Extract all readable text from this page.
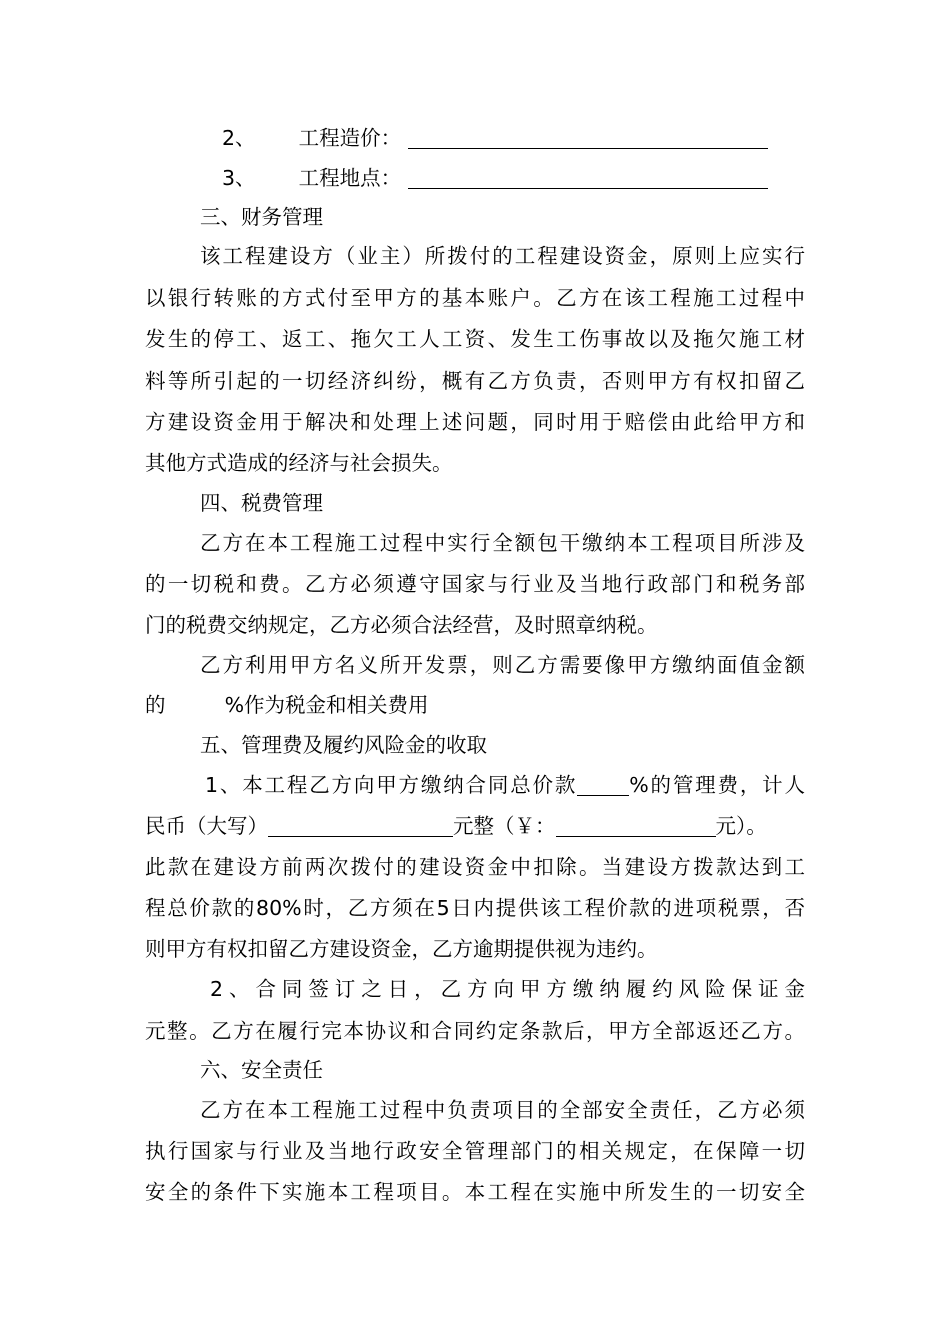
2、 工程造价：
3、 工程地点：
三、财务管理
该工程建设方（业主）所拨付的工程建设资金，原则上应实行
以银行转账的方式付至甲方的基本账户。乙方在该工程施工过程中
发生的停工、返工、拖欠工人工资、发生工伤事故以及拖欠施工材
料等所引起的一切经济纠纷，概有乙方负责，否则甲方有权扣留乙
方建设资金用于解决和处理上述问题，同时用于赔偿由此给甲方和
其他方式造成的经济与社会损失。
四、税费管理
乙方在本工程施工过程中实行全额包干缴纳本工程项目所涉及
的一切税和费。乙方必须遵守国家与行业及当地行政部门和税务部
门的税费交纳规定，乙方必须合法经营，及时照章纳税。
乙方利用甲方名义所开发票，则乙方需要像甲方缴纳面值金额
的	%作为税金和相关费用
五、管理费及履约风险金的收取
1、本工程乙方向甲方缴纳合同总价款	%的管理费，计人
民币（大写）	元整（￥：	元）。
此款在建设方前两次拨付的建设资金中扣除。当建设方拨款达到工
程总价款的80%时，乙方须在5日内提供该工程价款的进项税票，否
则甲方有权扣留乙方建设资金，乙方逾期提供视为违约。
2、合同签订之日，乙方向甲方缴纳履约风险保证金
元整。乙方在履行完本协议和合同约定条款后，甲方全部返还乙方。
六、安全责任
乙方在本工程施工过程中负责项目的全部安全责任，乙方必须
执行国家与行业及当地行政安全管理部门的相关规定，在保障一切
安全的条件下实施本工程项目。本工程在实施中所发生的一切安全
